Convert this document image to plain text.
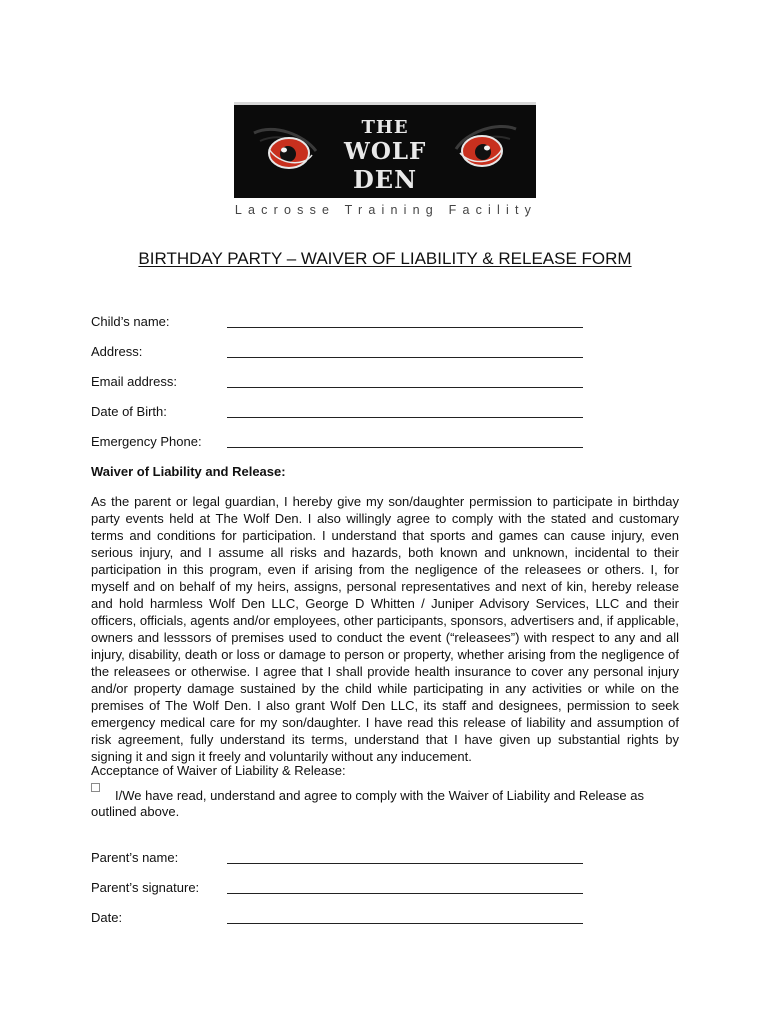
THE
WOLF
DEN
Lacrosse Training Facility
BIRTHDAY PARTY – WAIVER OF LIABILITY & RELEASE FORM
Child’s name:
Address:
Email address:
Date of Birth:
Emergency Phone:
Waiver of Liability and Release:
As the parent or legal guardian, I hereby give my son/daughter permission to participate in birthday party events held at The Wolf Den. I also willingly agree to comply with the stated and customary terms and conditions for participation. I understand that sports and games can cause injury, even serious injury, and I assume all risks and hazards, both known and unknown, incidental to their participation in this program, even if arising from the negligence of the releasees or others. I, for myself and on behalf of my heirs, assigns, personal representatives and next of kin, hereby release and hold harmless Wolf Den LLC, George D Whitten / Juniper Advisory Services, LLC and their officers, officials, agents and/or employees, other participants, sponsors, advertisers and, if applicable, owners and lesssors of premises used to conduct the event (“releasees”) with respect to any and all injury, disability, death or loss or damage to person or property, whether arising from the negligence of the releasees or otherwise. I agree that I shall provide health insurance to cover any personal injury and/or property damage sustained by the child while participating in any activities or while on the premises of The Wolf Den. I also grant Wolf Den LLC, its staff and designees, permission to seek emergency medical care for my son/daughter. I have read this release of liability and assumption of risk agreement, fully understand its terms, understand that I have given up substantial rights by signing it and sign it freely and voluntarily without any inducement.
Acceptance of Waiver of Liability & Release:
I/We have read, understand and agree to comply with the Waiver of Liability and Release as outlined above.
Parent’s name:
Parent’s signature:
Date:
